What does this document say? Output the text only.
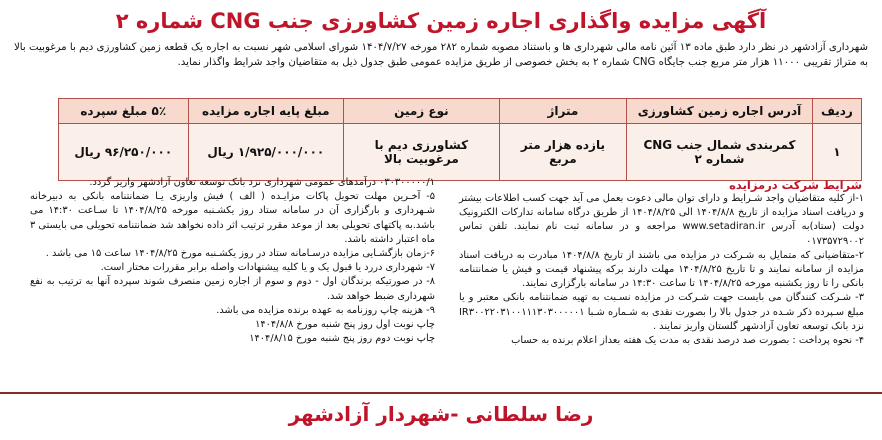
آگهی مزایده واگذاری اجاره زمین کشاورزی جنب CNG شماره ۲
شهرداری آزادشهر در نظر دارد طبق ماده ۱۳ آئین نامه مالی شهرداری ها و باستناد مصوبه شماره ۲۸۲ مورخه ۱۴۰۴/۷/۲۷ شورای اسلامی شهر نسبت به اجاره یک قطعه زمین کشاورزی دیم با مرغوبیت بالا به متراژ تقریبی ۱۱۰۰۰ هزار متر مربع جنب جایگاه CNG شماره ۲ به بخش خصوصی از طریق مزایده عمومی طبق جدول ذیل به متقاضیان واجد شرایط واگذار نماید.
ردیف	آدرس اجاره زمین کشاورزی	متراژ	نوع زمین	مبلغ پایه اجاره مزایده	۵٪ مبلغ سپرده
۱	کمربندی شمال جنب CNG شماره ۲	یازده هزار متر مربع	کشاورزی دیم با مرغوبیت بالا	۱/۹۲۵/۰۰۰/۰۰۰ ریال	۹۶/۲۵۰/۰۰۰ ریال
شرایط شرکت درمزایده

۱-از کلیه متقاضیان واجد شـرایط و دارای توان مالی دعوت بعمل می آید جهت کسب اطلاعات بیشتر و دریافت اسناد مزایده از تاریخ ۱۴۰۴/۸/۸ الی ۱۴۰۴/۸/۲۵ از طریق درگاه سامانه تدارکات الکترونیک دولت (ستاد)به آدرس www.setadiran.ir مراجعه و در سامانه ثبت نام نمایند. تلفن تماس ۰۱۷۳۵۷۲۹۰۰۲

۲-متقاضیانی که متمایل به شـرکت در مزایده می باشند از تاریخ ۱۴۰۴/۸/۸ مبادرت به دریافت اسناد مزایده از سامانه نمایند و تا تاریخ ۱۴۰۴/۸/۲۵ مهلت دارند برکه پیشنهاد قیمت و فیش یا ضمانتنامه بانکی را تا روز یکشنبه مورخه ۱۴۰۴/۸/۲۵ تا ساعت ۱۴:۳۰ در سامانه بارگزاری نمایند.

۳- شـرکت کنندگان می بایست جهت شـرکت در مزایده نسـبت به تهیه ضمانتنامه بانکی معتبر و یا مبلغ سـپرده ذکر شـده در جدول بالا را بصورت نقدی به شـماره شـبا IR۳۰۰۲۲۰۳۱۰۰۱۱۱۳۰۳۰۰۰۰۰۱ نزد بانک توسعه تعاون آزادشهر گلستان واریز نمایند .

۴- نحوه پرداخت : بصورت صد درصد نقدی به مدت یک هفته بعداز اعلام برنده به حساب

۰۳۰۳۰۰۰۰۰/۱ درآمدهای عمومی شهرداری نزد بانک توسعه تعاون آزادشهر واریز گردد.

۵- آخـرین مهلت تحویل پاکات مزایـده ( الف ) فیش واریزی یـا ضمانتنامه بانکی به دبیرخانه شـهرداری و بارگزاری آن در سامانه ستاد روز یکشـنبه مورخه ۱۴۰۴/۸/۲۵ تا سـاعت ۱۴:۳۰ می باشد.به پاکتهای تحویلی بعد از موعد مقرر ترتیب اثر داده نخواهد شد ضمانتنامه تحویلی می بایستی ۳ ماه اعتبار داشته باشد.

۶-زمان بازگشـایی مزایده درسـامانه ستاد در روز یکشـنبه مورخ ۱۴۰۴/۸/۲۵ ساعت ۱۵ می باشد .

۷- شهرداری دررد یا قبول یک و یا کلیه پیشنهادات واصله برابر مقررات مختار است.

۸- در صورتیکه برندگان اول - دوم و سوم از اجاره زمین منصرف شوند سپرده آنها به ترتیب به نفع شهرداری ضبط خواهد شد.

۹- هزینه چاپ روزنامه به عهده برنده مزایده می باشد.

چاپ نوبت اول روز پنج شنبه مورخ ۱۴۰۴/۸/۸

چاپ نوبت دوم روز پنج شنبه مورخ ۱۴۰۴/۸/۱۵

رضا سلطانی -شهردار آزادشهر
